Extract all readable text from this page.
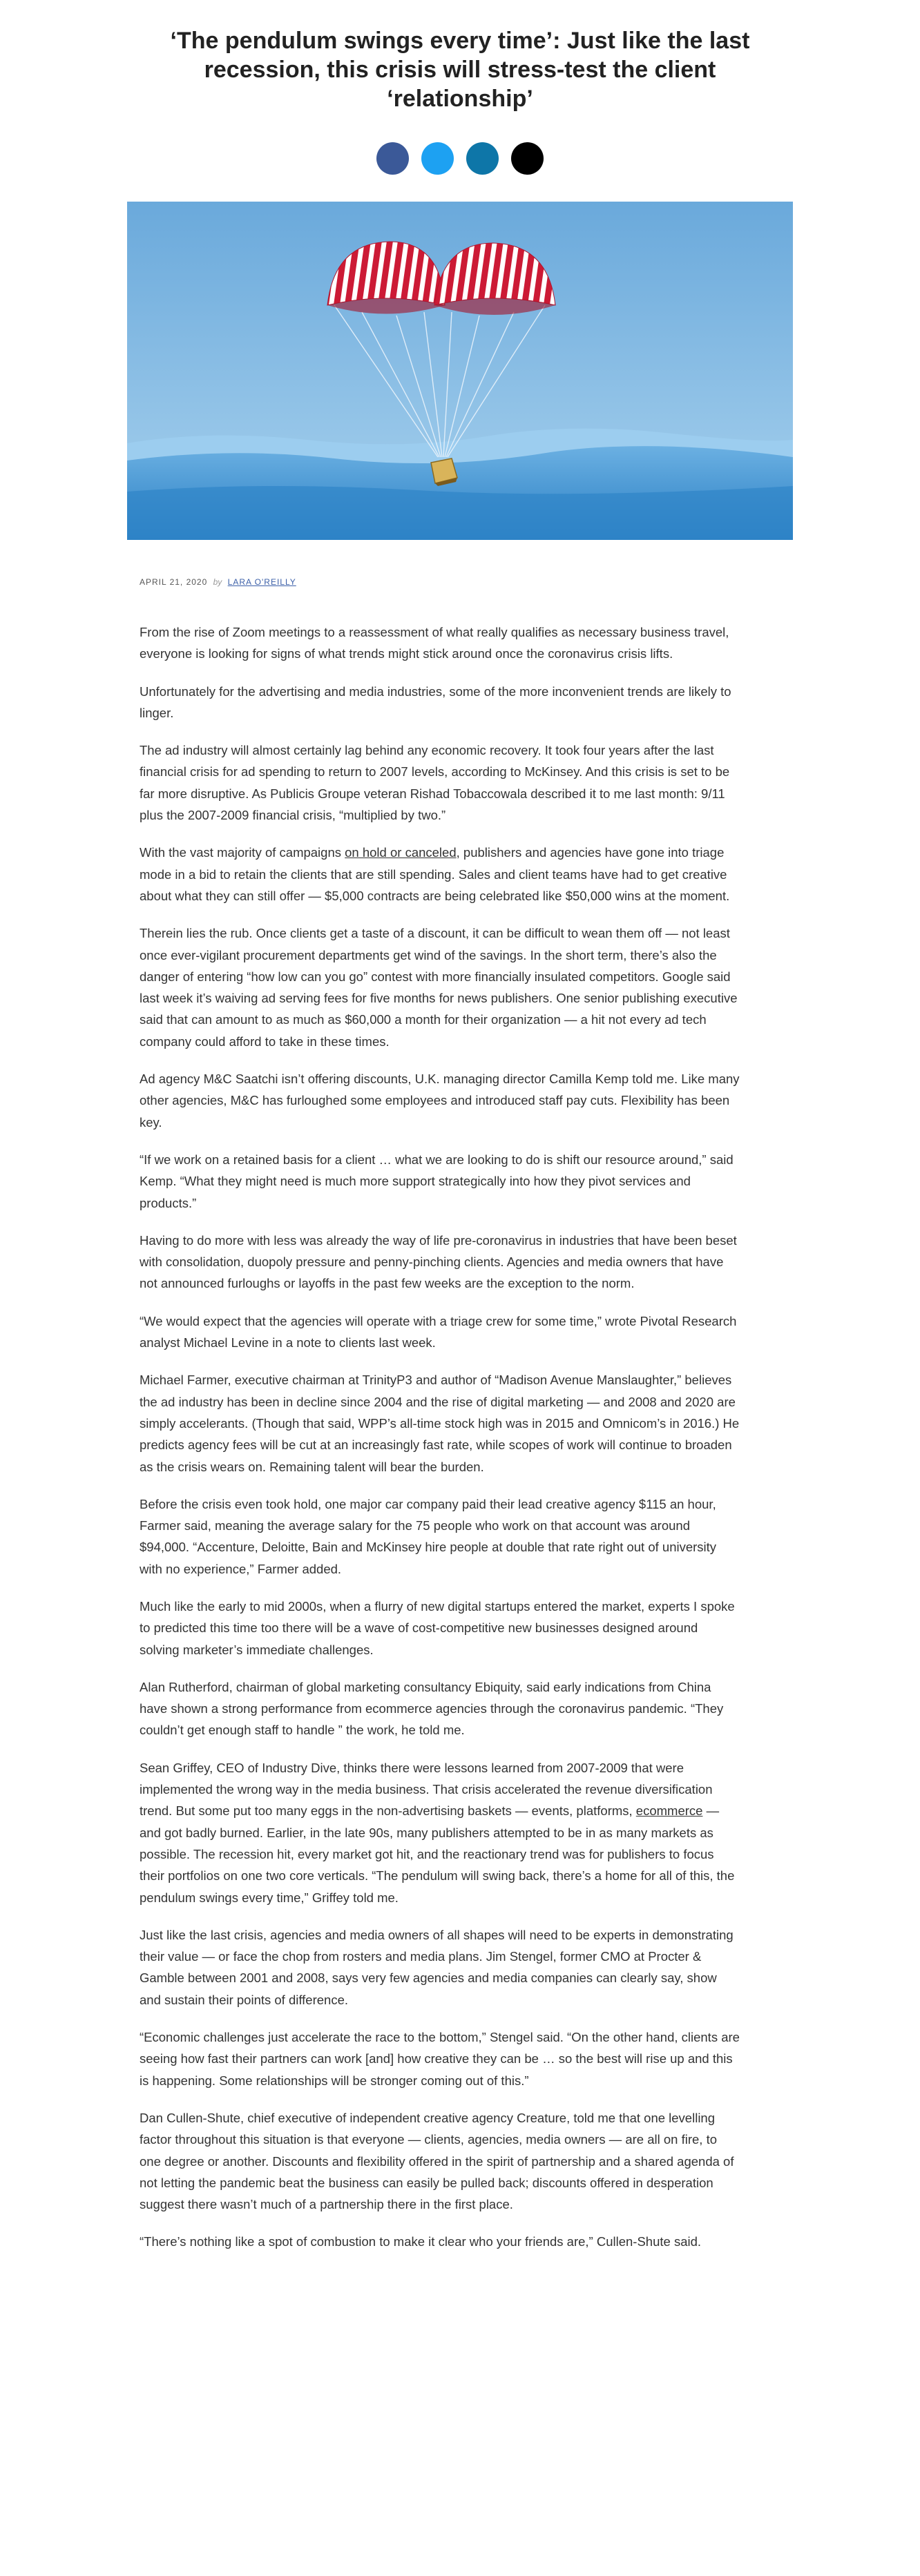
‘The pendulum swings every time’: Just like the last recession, this crisis will stress-test the client ‘relationship’
APRIL 21, 2020 by LARA O'REILLY

From the rise of Zoom meetings to a reassessment of what really qualifies as necessary business travel, everyone is looking for signs of what trends might stick around once the coronavirus crisis lifts.

Unfortunately for the advertising and media industries, some of the more inconvenient trends are likely to linger.

The ad industry will almost certainly lag behind any economic recovery. It took four years after the last financial crisis for ad spending to return to 2007 levels, according to McKinsey. And this crisis is set to be far more disruptive. As Publicis Groupe veteran Rishad Tobaccowala described it to me last month: 9/11 plus the 2007-2009 financial crisis, “multiplied by two.”

With the vast majority of campaigns on hold or canceled, publishers and agencies have gone into triage mode in a bid to retain the clients that are still spending. Sales and client teams have had to get creative about what they can still offer — $5,000 contracts are being celebrated like $50,000 wins at the moment.

Therein lies the rub. Once clients get a taste of a discount, it can be difficult to wean them off — not least once ever-vigilant procurement departments get wind of the savings. In the short term, there’s also the danger of entering “how low can you go” contest with more financially insulated competitors. Google said last week it’s waiving ad serving fees for five months for news publishers. One senior publishing executive said that can amount to as much as $60,000 a month for their organization — a hit not every ad tech company could afford to take in these times.

Ad agency M&C Saatchi isn’t offering discounts, U.K. managing director Camilla Kemp told me. Like many other agencies, M&C has furloughed some employees and introduced staff pay cuts. Flexibility has been key.

“If we work on a retained basis for a client … what we are looking to do is shift our resource around,” said Kemp. “What they might need is much more support strategically into how they pivot services and products.”

Having to do more with less was already the way of life pre-coronavirus in industries that have been beset with consolidation, duopoly pressure and penny-pinching clients. Agencies and media owners that have not announced furloughs or layoffs in the past few weeks are the exception to the norm.

“We would expect that the agencies will operate with a triage crew for some time,” wrote Pivotal Research analyst Michael Levine in a note to clients last week.

Michael Farmer, executive chairman at TrinityP3 and author of “Madison Avenue Manslaughter,” believes the ad industry has been in decline since 2004 and the rise of digital marketing — and 2008 and 2020 are simply accelerants. (Though that said, WPP’s all-time stock high was in 2015 and Omnicom’s in 2016.) He predicts agency fees will be cut at an increasingly fast rate, while scopes of work will continue to broaden as the crisis wears on. Remaining talent will bear the burden.

Before the crisis even took hold, one major car company paid their lead creative agency $115 an hour, Farmer said, meaning the average salary for the 75 people who work on that account was around $94,000. “Accenture, Deloitte, Bain and McKinsey hire people at double that rate right out of university with no experience,” Farmer added.

Much like the early to mid 2000s, when a flurry of new digital startups entered the market, experts I spoke to predicted this time too there will be a wave of cost-competitive new businesses designed around solving marketer’s immediate challenges.

Alan Rutherford, chairman of global marketing consultancy Ebiquity, said early indications from China have shown a strong performance from ecommerce agencies through the coronavirus pandemic. “They couldn’t get enough staff to handle ” the work, he told me.

Sean Griffey, CEO of Industry Dive, thinks there were lessons learned from 2007-2009 that were implemented the wrong way in the media business. That crisis accelerated the revenue diversification trend. But some put too many eggs in the non-advertising baskets — events, platforms, ecommerce — and got badly burned. Earlier, in the late 90s, many publishers attempted to be in as many markets as possible. The recession hit, every market got hit, and the reactionary trend was for publishers to focus their portfolios on one two core verticals. “The pendulum will swing back, there’s a home for all of this, the pendulum swings every time,” Griffey told me.

Just like the last crisis, agencies and media owners of all shapes will need to be experts in demonstrating their value — or face the chop from rosters and media plans. Jim Stengel, former CMO at Procter & Gamble between 2001 and 2008, says very few agencies and media companies can clearly say, show and sustain their points of difference.

“Economic challenges just accelerate the race to the bottom,” Stengel said. “On the other hand, clients are seeing how fast their partners can work [and] how creative they can be … so the best will rise up and this is happening. Some relationships will be stronger coming out of this.”

Dan Cullen-Shute, chief executive of independent creative agency Creature, told me that one levelling factor throughout this situation is that everyone — clients, agencies, media owners — are all on fire, to one degree or another. Discounts and flexibility offered in the spirit of partnership and a shared agenda of not letting the pandemic beat the business can easily be pulled back; discounts offered in desperation suggest there wasn’t much of a partnership there in the first place.

“There’s nothing like a spot of combustion to make it clear who your friends are,” Cullen-Shute said.
